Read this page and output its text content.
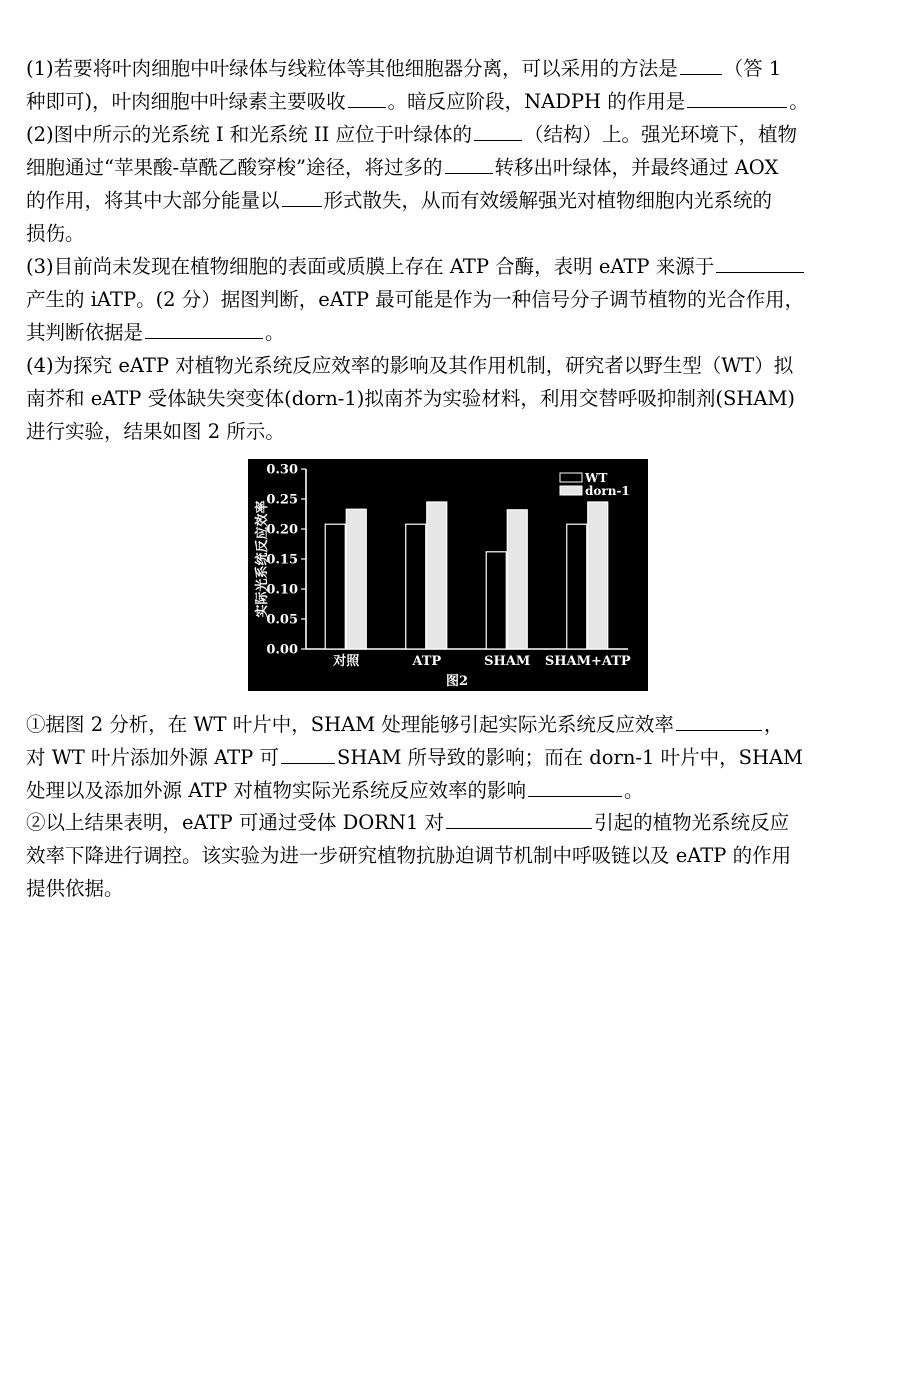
(1)若要将叶肉细胞中叶绿体与线粒体等其他细胞器分离，可以采用的方法是 （答 1
种即可)，叶肉细胞中叶绿素主要吸收 。暗反应阶段，NADPH 的作用是	。

(2)图中所示的光系统 I 和光系统 II 应位于叶绿体的	（结构）上。强光环境下，植物
细胞通过“苹果酸-草酰乙酸穿梭”途径，将过多的	转移出叶绿体，并最终通过 AOX
的作用，将其中大部分能量以 形式散失，从而有效缓解强光对植物细胞内光系统的
损伤。

(3)目前尚未发现在植物细胞的表面或质膜上存在 ATP 合酶，表明 eATP 来源于
产生的 iATP。(2 分）据图判断，eATP 最可能是作为一种信号分子调节植物的光合作用，
其判断依据是	。

(4)为探究 eATP 对植物光系统反应效率的影响及其作用机制，研究者以野生型（WT）拟
南芥和 eATP 受体缺失突变体(dorn-1)拟南芥为实验材料，利用交替呼吸抑制剂(SHAM)
进行实验，结果如图 2 所示。

0.00
0.05
0.10
0.15
0.20
0.25
0.30
实际光系统反应效率
对照	ATP	SHAM SHAM+ATP
WT
dorn-1
图2

①据图 2 分析，在 WT 叶片中，SHAM 处理能够引起实际光系统反应效率	，
对 WT 叶片添加外源 ATP 可	SHAM 所导致的影响；而在 dorn-1 叶片中，SHAM
处理以及添加外源 ATP 对植物实际光系统反应效率的影响	。

②以上结果表明，eATP 可通过受体 DORN1 对	引起的植物光系统反应
效率下降进行调控。该实验为进一步研究植物抗胁迫调节机制中呼吸链以及 eATP 的作用
提供依据。
